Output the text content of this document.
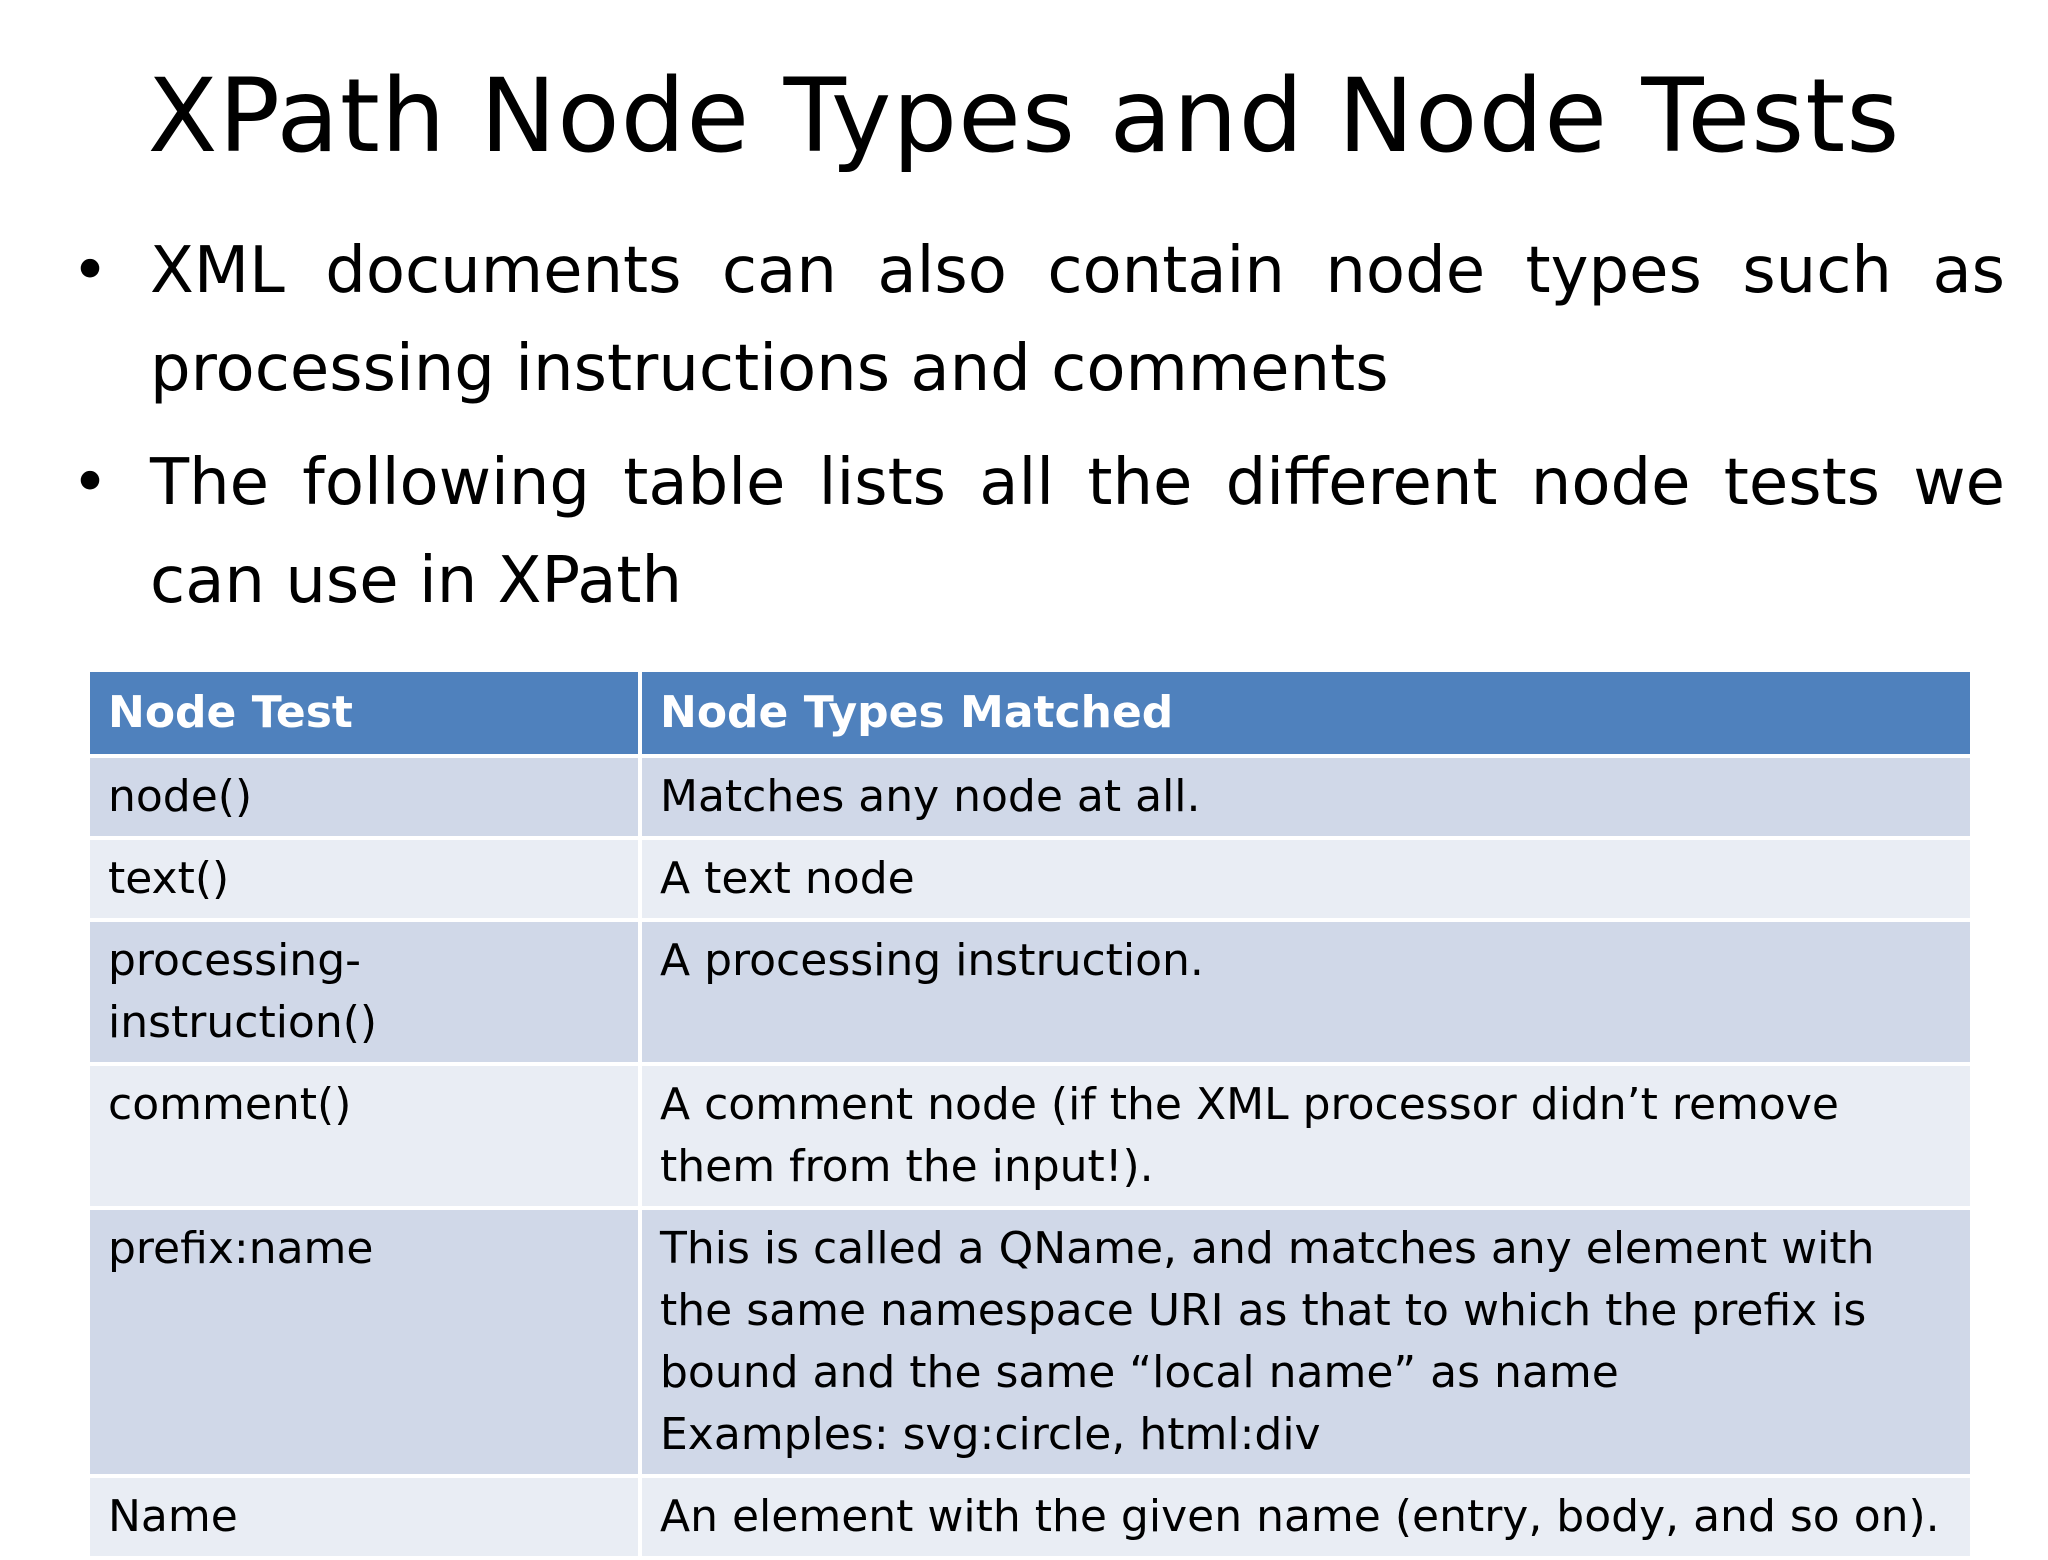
XPath Node Types and Node Tests
• XML documents can also contain node types such as processing instructions and comments
• The following table lists all the different node tests we can use in XPath
Node Test	Node Types Matched
node()	Matches any node at all.

text()	A text node

processing-instruction()	A processing instruction.

comment()	A comment node (if the XML processor didn’t remove them from the input!).

prefix:name	This is called a QName, and matches any element with the same namespace URI as that to which the prefix is bound and the same “local name” as name
Examples: svg:circle, html:div

Name	An element with the given name (entry, body, and so on).
